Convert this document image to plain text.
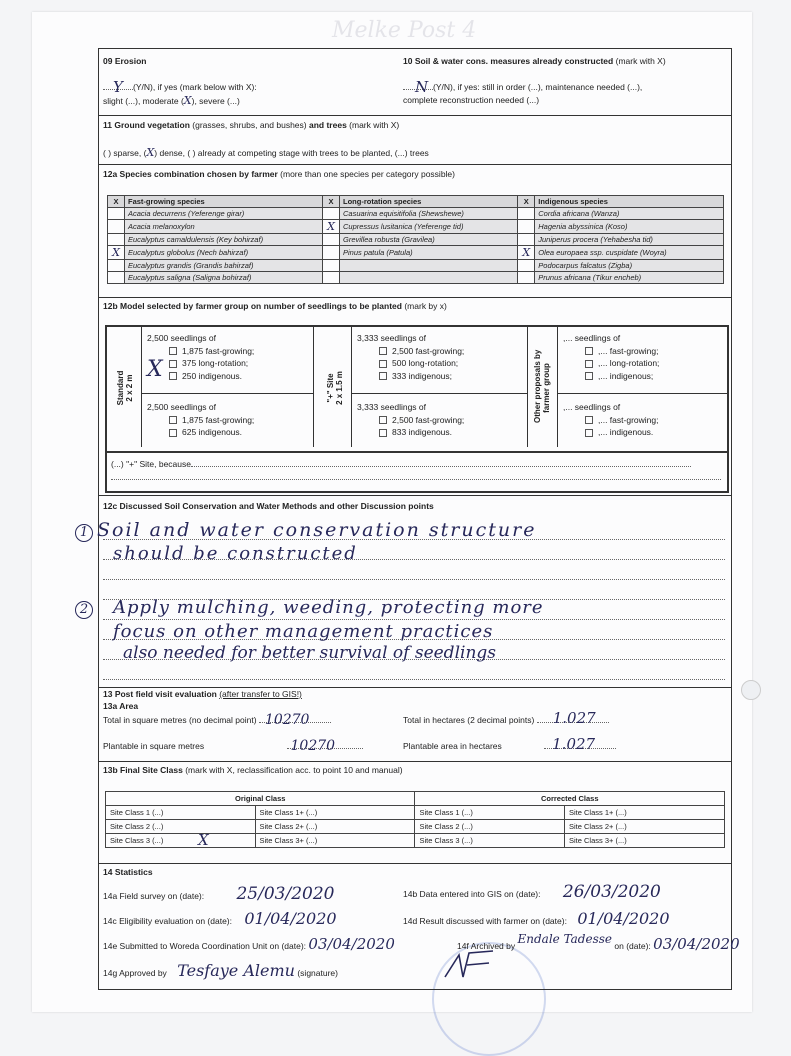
Melke Post 4
09 Erosion
Y (Y/N), if yes (mark below with X):
slight (...), moderate (X), severe (...)
10 Soil & water cons. measures already constructed (mark with X)
N (Y/N), if yes: still in order (...), maintenance needed (...),
complete reconstruction needed (...)
11 Ground vegetation (grasses, shrubs, and bushes) and trees (mark with X)
( ) sparse, (X) dense, ( ) already at competing stage with trees to be planted, (...) trees
12a Species combination chosen by farmer (more than one species per category possible)
X	Fast-growing species	X	Long-rotation species	X	Indigenous species
	Acacia decurrens (Yeferenge girar)		Casuarina equisitifolia (Shewshewe)		Cordia africana (Wanza)
	Acacia melanoxylon	X	Cupressus lusitanica (Yeferenge tid)		Hagenia abyssinica (Koso)
	Eucalyptus camaldulensis (Key bohirzaf)		Grevillea robusta (Gravilea)		Juniperus procera (Yehabesha tid)
X	Eucalyptus globolus (Nech bahirzaf)		Pinus patula (Patula)	X	Olea europaea ssp. cuspidate (Woyra)
	Eucalyptus grandis (Grandis bahirzaf)				Podocarpus falcatus (Zigba)
	Eucalyptus saligna (Saligna bohirzaf)				Prunus africana (Tikur encheb)
12b Model selected by farmer group on number of seedlings to be planted (mark by x)
Standard
2 x 2 m
2,500 seedlings of
1,875 fast-growing;
375 long-rotation;
250 indigenous.
X
2,500 seedlings of
1,875 fast-growing;
625 indigenous.
"+" Site
2 x 1.5 m
3,333 seedlings of
2,500 fast-growing;
500 long-rotation;
333 indigenous;
3,333 seedlings of
2,500 fast-growing;
833 indigenous.
Other proposals by
farmer group
,... seedlings of
,... fast-growing;
,... long-rotation;
,... indigenous;
,... seedlings of
,... fast-growing;
,... indigenous.
(...) "+" Site, because
12c Discussed Soil Conservation and Water Methods and other Discussion points
1 Soil and water conservation structure
should be constructed
2 Apply mulching, weeding, protecting more
focus on other management practices
also needed for better survival of seedlings
13 Post field visit evaluation (after transfer to GIS!)
13a Area
Total in square metres (no decimal point) 10270	Total in hectares (2 decimal points) 1.027
Plantable in square metres	10270	Plantable area in hectares	1.027
13b Final Site Class (mark with X, reclassification acc. to point 10 and manual)
Original Class		Corrected Class	
Site Class 1 (...)	Site Class 1+ (...)	Site Class 1 (...)	Site Class 1+ (...)
Site Class 2 (...)	Site Class 2+ (...)	Site Class 2 (...)	Site Class 2+ (...)
Site Class 3 (...) X	Site Class 3+ (...)	Site Class 3 (...)	Site Class 3+ (...)
14 Statistics
14a Field survey on (date): 25/03/2020	14b Data entered into GIS on (date): 26/03/2020
14c Eligibility evaluation on (date): 01/04/2020	14d Result discussed with farmer on (date): 01/04/2020
14e Submitted to Woreda Coordination Unit on (date): 03/04/2020	14f Archived by Endale Tadesse on (date): 03/04/2020
14g Approved by Tesfaye Alemu (signature)
